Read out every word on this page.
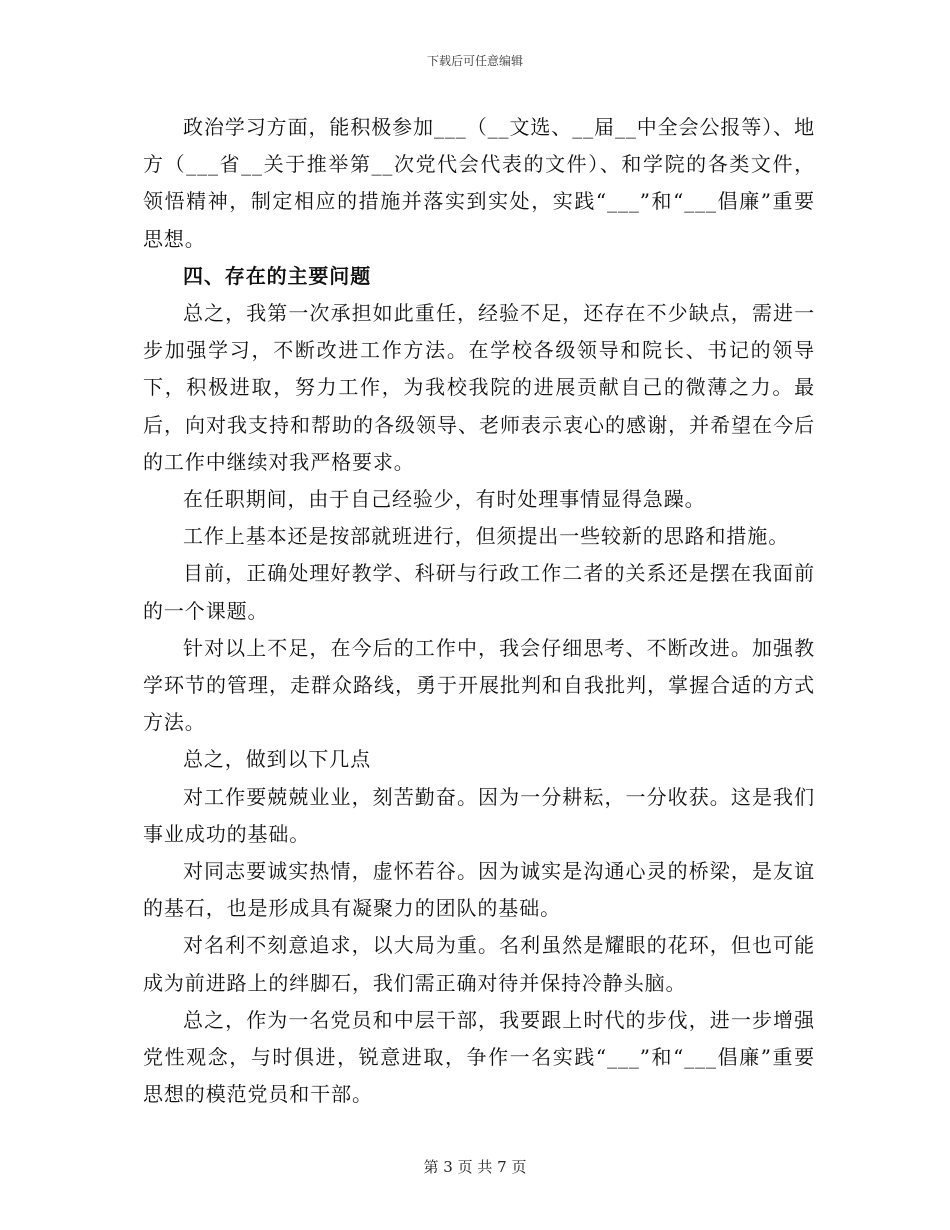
下载后可任意编辑

政治学习方面，能积极参加___（__文选、__届__中全会公报等）、地方（___省__关于推举第__次党代会代表的文件）、和学院的各类文件，领悟精神，制定相应的措施并落实到实处，实践“___”和“___倡廉”重要思想。

四、存在的主要问题

总之，我第一次承担如此重任，经验不足，还存在不少缺点，需进一步加强学习，不断改进工作方法。在学校各级领导和院长、书记的领导下，积极进取，努力工作，为我校我院的进展贡献自己的微薄之力。最后，向对我支持和帮助的各级领导、老师表示衷心的感谢，并希望在今后的工作中继续对我严格要求。

在任职期间，由于自己经验少，有时处理事情显得急躁。

工作上基本还是按部就班进行，但须提出一些较新的思路和措施。

目前，正确处理好教学、科研与行政工作二者的关系还是摆在我面前的一个课题。

针对以上不足，在今后的工作中，我会仔细思考、不断改进。加强教学环节的管理，走群众路线，勇于开展批判和自我批判，掌握合适的方式方法。

总之，做到以下几点

对工作要兢兢业业，刻苦勤奋。因为一分耕耘，一分收获。这是我们事业成功的基础。

对同志要诚实热情，虚怀若谷。因为诚实是沟通心灵的桥梁，是友谊的基石，也是形成具有凝聚力的团队的基础。

对名利不刻意追求，以大局为重。名利虽然是耀眼的花环，但也可能成为前进路上的绊脚石，我们需正确对待并保持冷静头脑。

总之，作为一名党员和中层干部，我要跟上时代的步伐，进一步增强党性观念，与时俱进，锐意进取，争作一名实践“___”和“___倡廉”重要思想的模范党员和干部。

第 3 页 共 7 页
